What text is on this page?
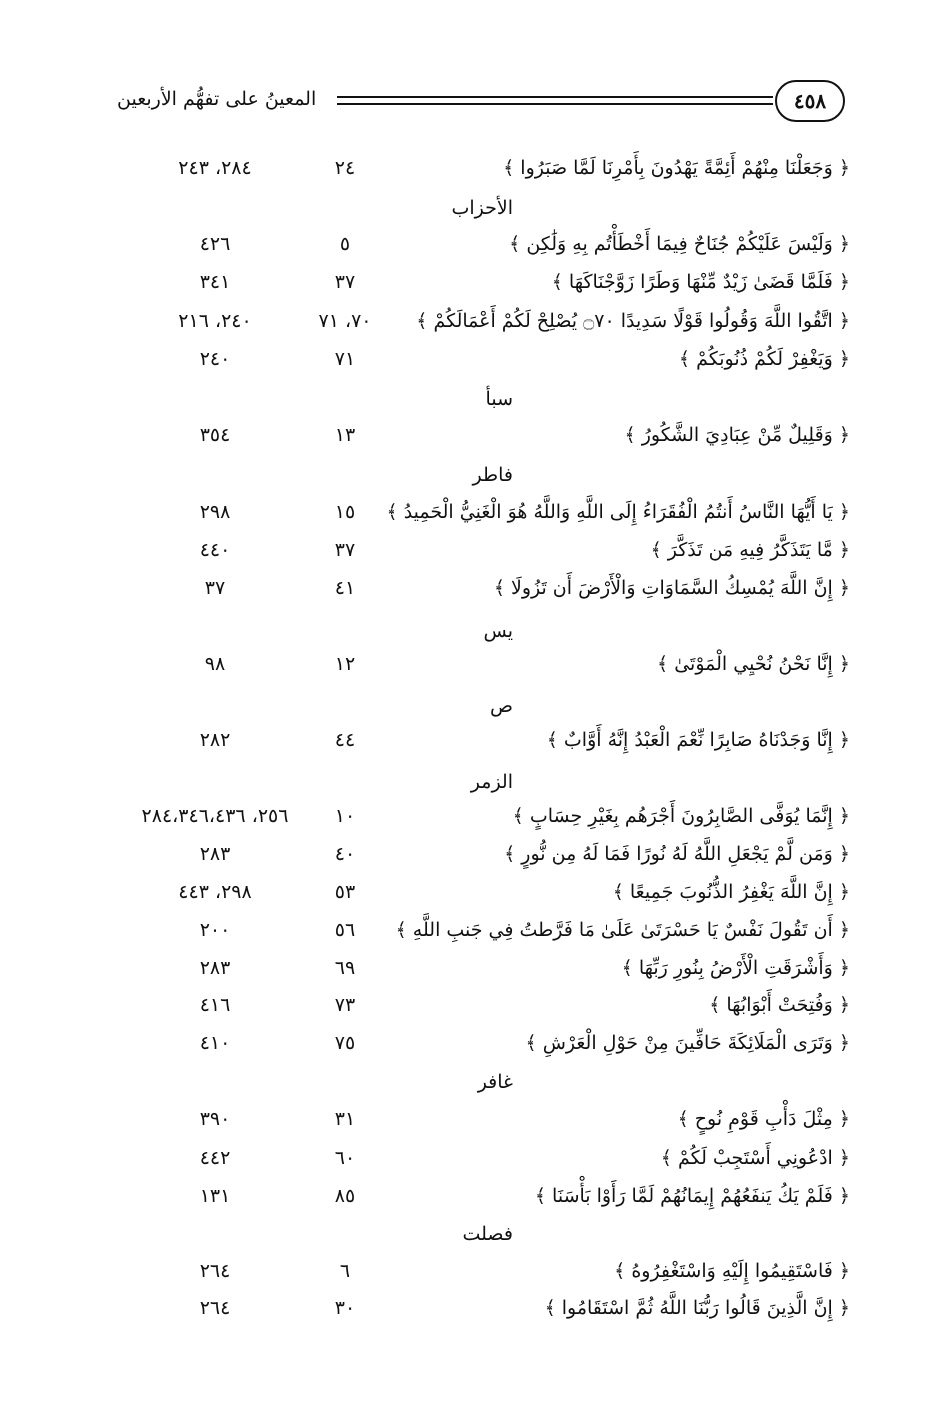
المعينُ على تفهُّم الأربعين	٤٥٨
﴿ وَجَعَلْنَا مِنْهُمْ أَئِمَّةً يَهْدُونَ بِأَمْرِنَا لَمَّا صَبَرُوا ﴾
٢٤
٢٨٤، ٢٤٣
الأحزاب
﴿ وَلَيْسَ عَلَيْكُمْ جُنَاحٌ فِيمَا أَخْطَأْتُم بِهِ وَلَٰكِن ﴾
٥
٤٢٦
﴿ فَلَمَّا قَضَىٰ زَيْدٌ مِّنْهَا وَطَرًا زَوَّجْنَاكَهَا ﴾
٣٧
٣٤١
﴿ اتَّقُوا اللَّهَ وَقُولُوا قَوْلًا سَدِيدًا ۝٧٠ يُصْلِحْ لَكُمْ أَعْمَالَكُمْ ﴾
٧٠، ٧١
٢٤٠، ٢١٦
﴿ وَيَغْفِرْ لَكُمْ ذُنُوبَكُمْ ﴾
٧١
٢٤٠
سبأ
﴿ وَقَلِيلٌ مِّنْ عِبَادِيَ الشَّكُورُ ﴾
١٣
٣٥٤
فاطر
﴿ يَا أَيُّهَا النَّاسُ أَنتُمُ الْفُقَرَاءُ إِلَى اللَّهِ وَاللَّهُ هُوَ الْغَنِيُّ الْحَمِيدُ ﴾
١٥
٢٩٨
﴿ مَّا يَتَذَكَّرُ فِيهِ مَن تَذَكَّرَ ﴾
٣٧
٤٤٠
﴿ إِنَّ اللَّهَ يُمْسِكُ السَّمَاوَاتِ وَالْأَرْضَ أَن تَزُولَا ﴾
٤١
٣٧
يس
﴿ إِنَّا نَحْنُ نُحْيِي الْمَوْتَىٰ ﴾
١٢
٩٨
ص
﴿ إِنَّا وَجَدْنَاهُ صَابِرًا نِّعْمَ الْعَبْدُ إِنَّهُ أَوَّابٌ ﴾
٤٤
٢٨٢
الزمر
﴿ إِنَّمَا يُوَفَّى الصَّابِرُونَ أَجْرَهُم بِغَيْرِ حِسَابٍ ﴾
١٠
٢٥٦، ٢٨٤،٣٤٦،٤٣٦
﴿ وَمَن لَّمْ يَجْعَلِ اللَّهُ لَهُ نُورًا فَمَا لَهُ مِن نُّورٍ ﴾
٤٠
٢٨٣
﴿ إِنَّ اللَّهَ يَغْفِرُ الذُّنُوبَ جَمِيعًا ﴾
٥٣
٢٩٨، ٤٤٣
﴿ أَن تَقُولَ نَفْسٌ يَا حَسْرَتَىٰ عَلَىٰ مَا فَرَّطتُ فِي جَنبِ اللَّهِ ﴾
٥٦
٢٠٠
﴿ وَأَشْرَقَتِ الْأَرْضُ بِنُورِ رَبِّهَا ﴾
٦٩
٢٨٣
﴿ وَفُتِحَتْ أَبْوَابُهَا ﴾
٧٣
٤١٦
﴿ وَتَرَى الْمَلَائِكَةَ حَافِّينَ مِنْ حَوْلِ الْعَرْشِ ﴾
٧٥
٤١٠
غافر
﴿ مِثْلَ دَأْبِ قَوْمِ نُوحٍ ﴾
٣١
٣٩٠
﴿ ادْعُونِي أَسْتَجِبْ لَكُمْ ﴾
٦٠
٤٤٢
﴿ فَلَمْ يَكُ يَنفَعُهُمْ إِيمَانُهُمْ لَمَّا رَأَوْا بَأْسَنَا ﴾
٨٥
١٣١
فصلت
﴿ فَاسْتَقِيمُوا إِلَيْهِ وَاسْتَغْفِرُوهُ ﴾
٦
٢٦٤
﴿ إِنَّ الَّذِينَ قَالُوا رَبُّنَا اللَّهُ ثُمَّ اسْتَقَامُوا ﴾
٣٠
٢٦٤
